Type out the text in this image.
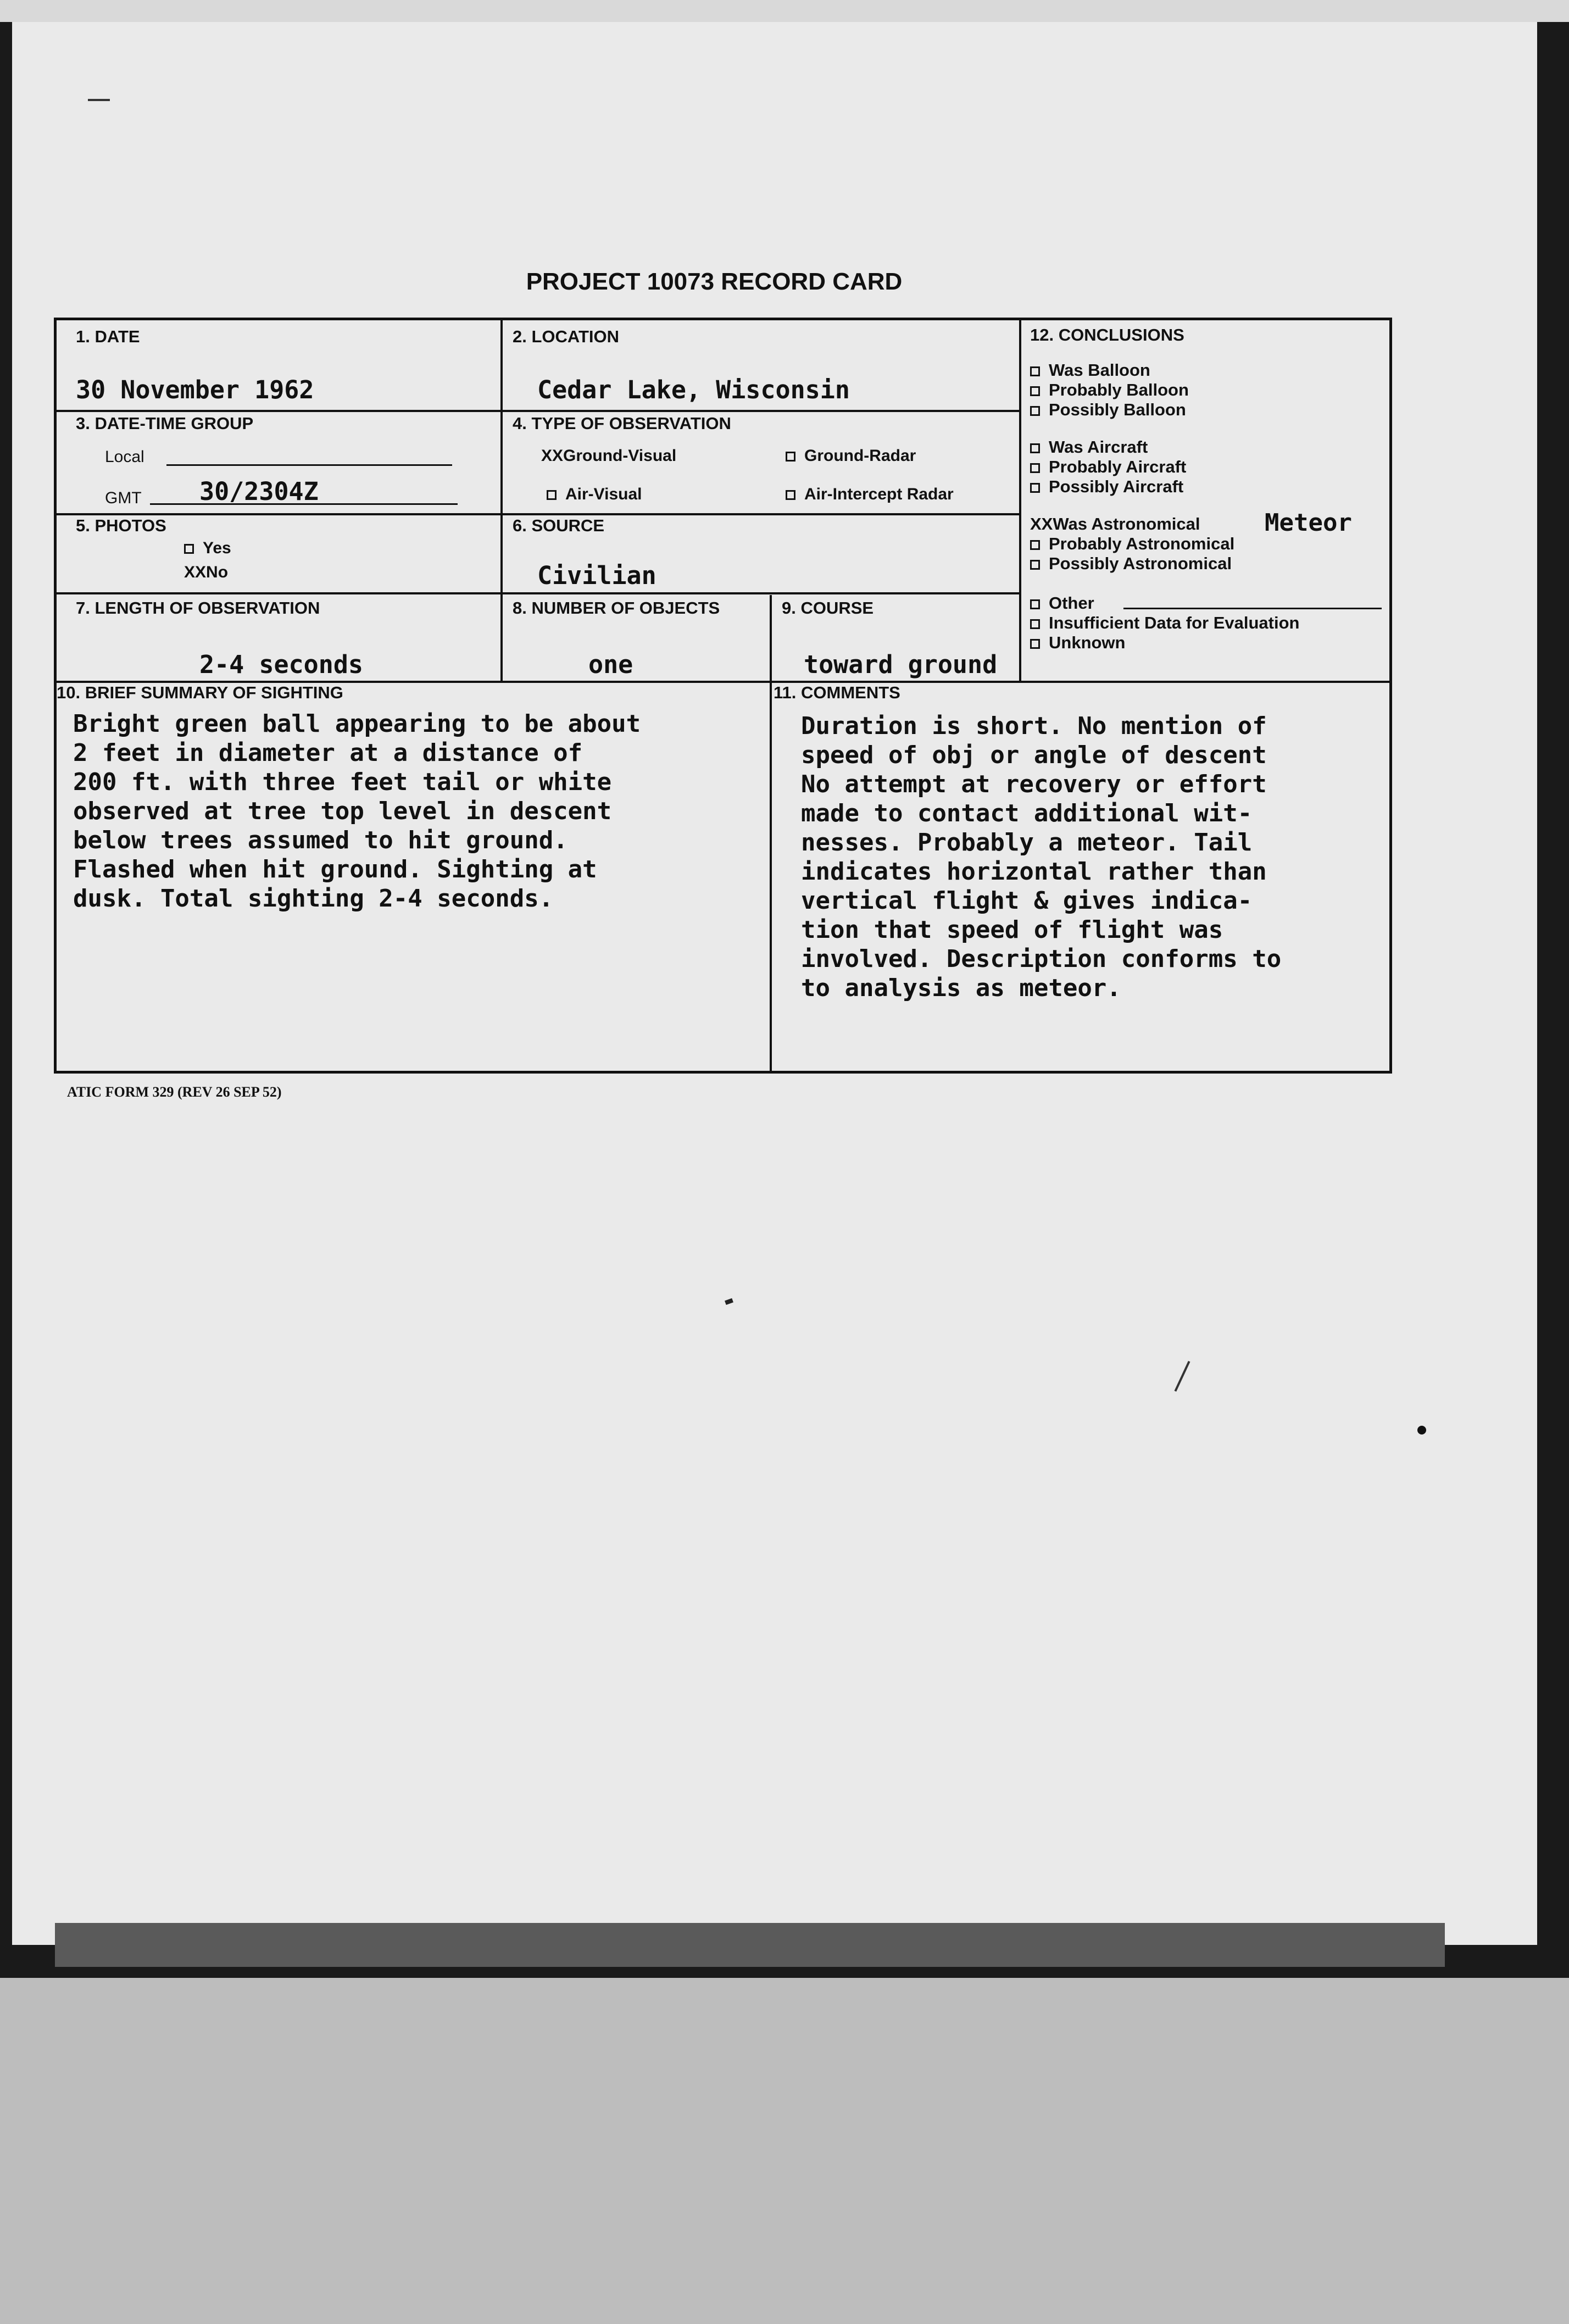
PROJECT 10073 RECORD CARD
1. DATE
30 November 1962
2. LOCATION
Cedar Lake, Wisconsin
3. DATE-TIME GROUP
Local
GMT 30/2304Z
4. TYPE OF OBSERVATION
XXGround-Visual	Ground-Radar
Air-Visual	Air-Intercept Radar
5. PHOTOS
Yes
XXNo
6. SOURCE
Civilian
7. LENGTH OF OBSERVATION
2-4 seconds
8. NUMBER OF OBJECTS
one
9. COURSE
toward ground
10. BRIEF SUMMARY OF SIGHTING
Bright green ball appearing to be about
2 feet in diameter at a distance of
200 ft. with three feet tail or white
observed at tree top level in descent
below trees assumed to hit ground.
Flashed when hit ground. Sighting at
dusk. Total sighting 2-4 seconds.
11. COMMENTS
Duration is short. No mention of
speed of obj or angle of descent
No attempt at recovery or effort
made to contact additional wit-
nesses. Probably a meteor. Tail
indicates horizontal rather than
vertical flight & gives indica-
tion that speed of flight was
involved. Description conforms to
to analysis as meteor.
12. CONCLUSIONS
Was Balloon
Probably Balloon
Possibly Balloon
Was Aircraft
Probably Aircraft
Possibly Aircraft
XXWas Astronomical	Meteor
Probably Astronomical
Possibly Astronomical
Other
Insufficient Data for Evaluation
Unknown
ATIC FORM 329 (REV 26 SEP 52)
